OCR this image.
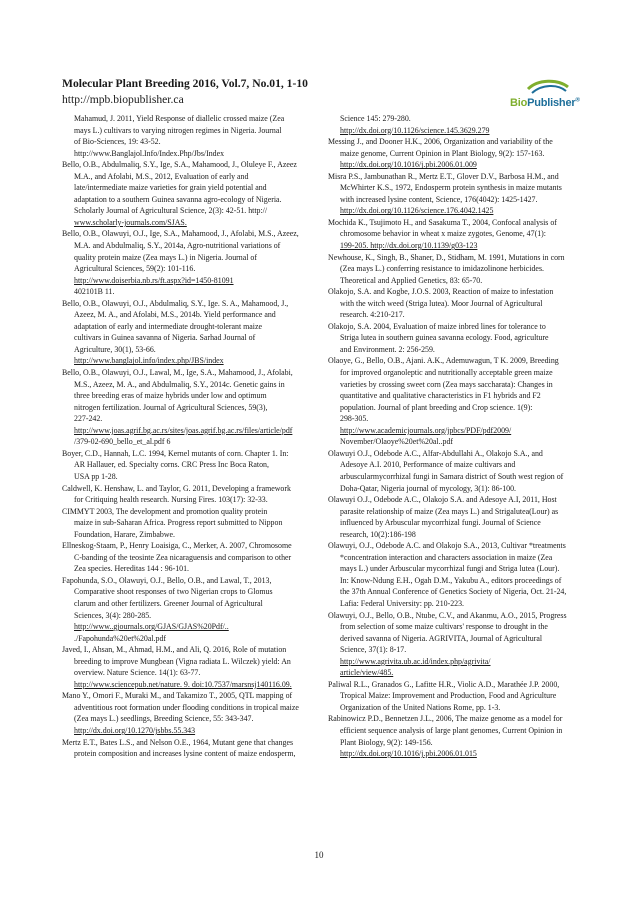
Molecular Plant Breeding 2016, Vol.7, No.01, 1-10
http://mpb.biopublisher.ca	BioPublisher®
Mahamud, J. 2011, Yield Response of diallelic crossed maize (Zea
mays L.) cultivars to varying nitrogen regimes in Nigeria. Journal
of Bio-Sciences, 19: 43-52.
http://www.Banglajol.Info/Index.Php/Jbs/Index
Bello, O.B., Abdulmaliq, S.Y., Ige, S.A., Mahamood, J., Oluleye F., Azeez
M.A., and Afolabi, M.S., 2012, Evaluation of early and
late/intermediate maize varieties for grain yield potential and
adaptation to a southern Guinea savanna agro-ecology of Nigeria.
Scholarly Journal of Agricultural Science, 2(3): 42-51. http://
www.scholarly-journals.com/SJAS.
Bello, O.B., Olawuyi, O.J., Ige, S.A., Mahamood, J., Afolabi, M.S., Azeez,
M.A. and Abdulmaliq, S.Y., 2014a, Agro-nutritional variations of
quality protein maize (Zea mays L.) in Nigeria. Journal of
Agricultural Sciences, 59(2): 101-116.
http://www.doiserbia.nb.rs/ft.aspx?id=1450-81091
402101B 11.
Bello, O.B., Olawuyi, O.J., Abdulmaliq, S.Y., Ige. S. A., Mahamood, J.,
Azeez, M. A., and Afolabi, M.S., 2014b. Yield performance and
adaptation of early and intermediate drought-tolerant maize
cultivars in Guinea savanna of Nigeria. Sarhad Journal of
Agriculture, 30(1), 53-66.
http://www.banglajol.info/index.php/JBS/index
Bello, O.B., Olawuyi, O.J., Lawal, M., Ige, S.A., Mahamood, J., Afolabi,
M.S., Azeez, M. A., and Abdulmaliq, S.Y., 2014c. Genetic gains in
three breeding eras of maize hybrids under low and optimum
nitrogen fertilization. Journal of Agricultural Sciences, 59(3),
227-242.
http://www.joas.agrif.bg.ac.rs/sites/joas.agrif.bg.ac.rs/files/article/pdf
/379-02-690_bello_et_al.pdf 6
Boyer, C.D., Hannah, L.C. 1994, Kernel mutants of corn. Chapter 1. In:
AR Hallauer, ed. Specialty corns. CRC Press Inc Boca Raton,
USA pp 1-28.
Caldwell, K. Henshaw, L. and Taylor, G. 2011, Developing a framework
for Critiquing health research. Nursing Fires. 103(17): 32-33.
CIMMYT 2003, The development and promotion quality protein
maize in sub-Saharan Africa. Progress report submitted to Nippon
Foundation, Harare, Zimbabwe.
Ellneskog-Staam, P., Henry Loaisiga, C., Merker, A. 2007, Chromosome
C-banding of the teosinte Zea nicaraguensis and comparison to other
Zea species. Hereditas 144 : 96-101.
Fapohunda, S.O., Olawuyi, O.J., Bello, O.B., and Lawal, T., 2013,
Comparative shoot responses of two Nigerian crops to Glomus
clarum and other fertilizers. Greener Journal of Agricultural
Sciences, 3(4): 280-285.
http://www..gjournals.org/GJAS/GJAS%20Pdf/..
./Fapohunda%20et%20al.pdf
Javed, I., Ahsan, M., Ahmad, H.M., and Ali, Q. 2016, Role of mutation
breeding to improve Mungbean (Vigna radiata L. Wilczek) yield: An
overview. Nature Science. 14(1): 63-77.
http://www.sciencepub.net/nature. 9. doi:10.7537/marsnsj140116.09.
Mano Y., Omori F., Muraki M., and Takamizo T., 2005, QTL mapping of
adventitious root formation under flooding conditions in tropical maize
(Zea mays L.) seedlings, Breeding Science, 55: 343-347.
http://dx.doi.org/10.1270/jsbbs.55.343
Mertz E.T., Bates L.S., and Nelson O.E., 1964, Mutant gene that changes
protein composition and increases lysine content of maize endosperm,
Science 145: 279-280.
http://dx.doi.org/10.1126/science.145.3629.279
Messing J., and Dooner H.K., 2006, Organization and variability of the
maize genome, Current Opinion in Plant Biology, 9(2): 157-163.
http://dx.doi.org/10.1016/j.pbi.2006.01.009
Misra P.S., Jambunathan R., Mertz E.T., Glover D.V., Barbosa H.M., and
McWhirter K.S., 1972, Endosperm protein synthesis in maize mutants
with increased lysine content, Science, 176(4042): 1425-1427.
http://dx.doi.org/10.1126/science.176.4042.1425
Mochida K., Tsujimoto H., and Sasakuma T., 2004, Confocal analysis of
chromosome behavior in wheat x maize zygotes, Genome, 47(1):
199-205. http://dx.doi.org/10.1139/g03-123
Newhouse, K., Singh, B., Shaner, D., Stidham, M. 1991, Mutations in corn
(Zea mays L.) conferring resistance to imidazolinone herbicides.
Theoretical and Applied Genetics, 83: 65-70.
Olakojo, S.A. and Kogbe, J.O.S. 2003, Reaction of maize to infestation
with the witch weed (Striga lutea). Moor Journal of Agricultural
research. 4:210-217.
Olakojo, S.A. 2004, Evaluation of maize inbred lines for tolerance to
Striga lutea in southern guinea savanna ecology. Food, agriculture
and Environment. 2: 256-259.
Olaoye, G., Bello, O.B., Ajani. A.K., Ademuwagun, T K. 2009, Breeding
for improved organoleptic and nutritionally acceptable green maize
varieties by crossing sweet corn (Zea mays saccharata): Changes in
quantitative and qualitative characteristics in F1 hybrids and F2
population. Journal of plant breeding and Crop science. 1(9):
298-305.
http://www.academicjournals.org/jpbcs/PDF/pdf2009/
November/Olaoye%20et%20al..pdf
Olawuyi O.J., Odebode A.C., Alfar-Abdullahi A., Olakojo S.A., and
Adesoye A.I. 2010, Performance of maize cultivars and
arbuscularmycorrhizal fungi in Samara district of South west region of
Doha-Qatar, Nigeria journal of mycology, 3(1): 86-100.
Olawuyi O.J., Odebode A.C., Olakojo S.A. and Adesoye A.I, 2011, Host
parasite relationship of maize (Zea mays L.) and Strigalutea(Lour) as
influenced by Arbuscular mycorrhizal fungi. Journal of Science
research, 10(2):186-198
Olawuyi, O.J., Odebode A.C. and Olakojo S.A., 2013, Cultivar *treatments
*concentration interaction and characters association in maize (Zea
mays L.) under Arbuscular mycorrhizal fungi and Striga lutea (Lour).
In: Know-Ndung E.H., Ogah D.M., Yakubu A., editors proceedings of
the 37th Annual Conference of Genetics Society of Nigeria, Oct. 21-24,
Lafia: Federal University: pp. 210-223.
Olawuyi, O.J., Bello, O.B., Ntube, C.V., and Akanmu, A.O., 2015, Progress
from selection of some maize cultivars' response to drought in the
derived savanna of Nigeria. AGRIVITA, Journal of Agricultural
Science, 37(1): 8-17.
http://www.agrivita.ub.ac.id/index.php/agrivita/
article/view/485.
Paliwal R.L., Granados G., Lafitte H.R., Violic A.D., Marathée J.P. 2000,
Tropical Maize: Improvement and Production, Food and Agriculture
Organization of the United Nations Rome, pp. 1-3.
Rabinowicz P.D., Bennetzen J.L., 2006, The maize genome as a model for
efficient sequence analysis of large plant genomes, Current Opinion in
Plant Biology, 9(2): 149-156.
http://dx.doi.org/10.1016/j.pbi.2006.01.015
10
